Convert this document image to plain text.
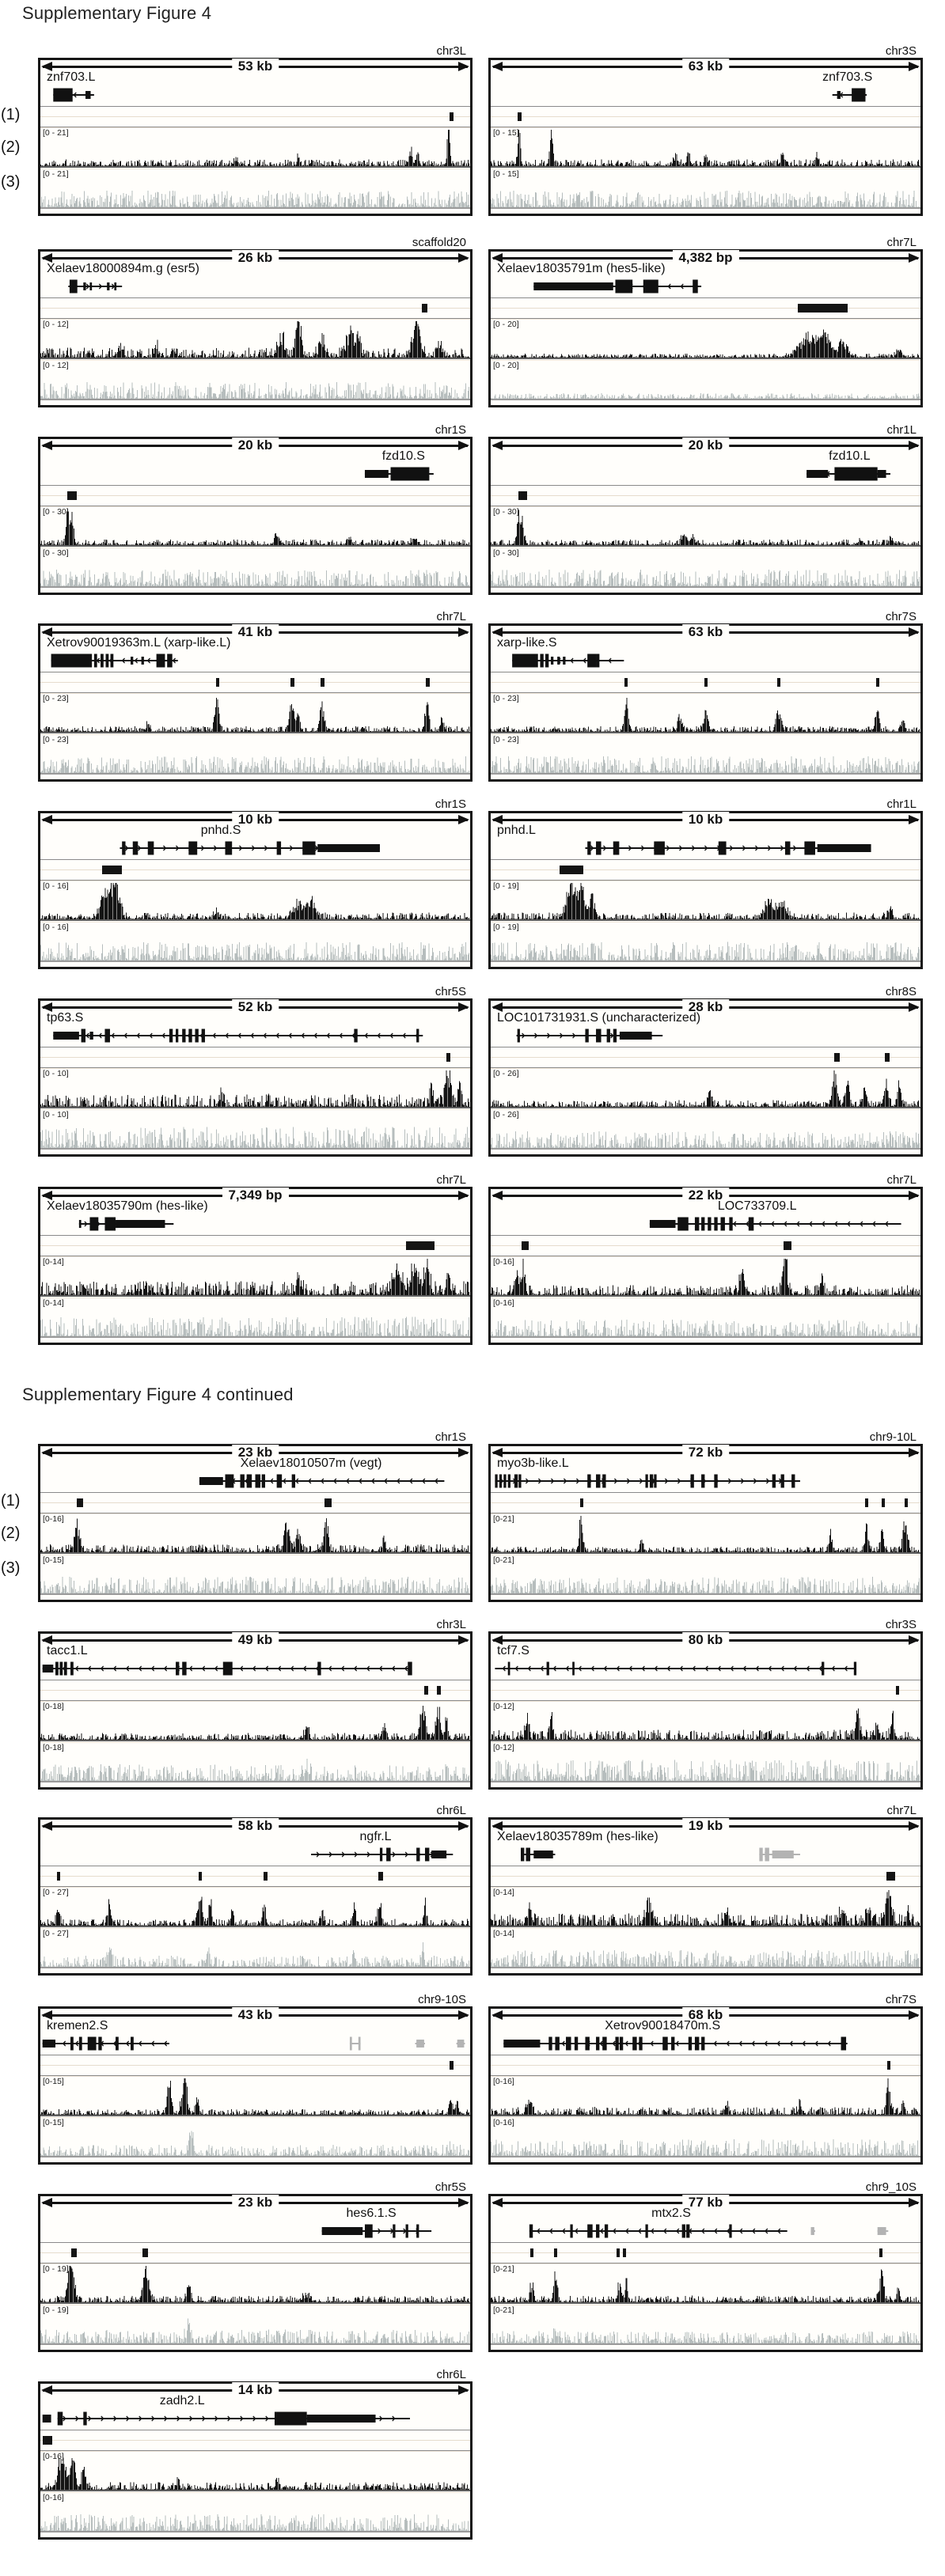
Supplementary Figure 4
Supplementary Figure 4 continued
(1)
(2)
(3)
(1)
(2)
(3)
chr3L
53 kb
znf703.L
[0 - 21]
[0 - 21]
chr3S
63 kb
znf703.S
[0 - 15]
[0 - 15]
scaffold20
26 kb
Xelaev18000894m.g (esr5)
[0 - 12]
[0 - 12]
chr7L
4,382 bp
Xelaev18035791m (hes5-like)
[0 - 20]
[0 - 20]
chr1S
20 kb
fzd10.S
[0 - 30]
[0 - 30]
chr1L
20 kb
fzd10.L
[0 - 30]
[0 - 30]
chr7L
41 kb
Xetrov90019363m.L (xarp-like.L)
[0 - 23]
[0 - 23]
chr7S
63 kb
xarp-like.S
[0 - 23]
[0 - 23]
chr1S
10 kb
pnhd.S
[0 - 16]
[0 - 16]
chr1L
10 kb
pnhd.L
[0 - 19]
[0 - 19]
chr5S
52 kb
tp63.S
[0 - 10]
[0 - 10]
chr8S
28 kb
LOC101731931.S (uncharacterized)
[0 - 26]
[0 - 26]
chr7L
7,349 bp
Xelaev18035790m (hes-like)
[0-14]
[0-14]
chr7L
22 kb
LOC733709.L
[0-16]
[0-16]
chr1S
23 kb
Xelaev18010507m (vegt)
[0-16]
[0-15]
chr9-10L
72 kb
myo3b-like.L
[0-21]
[0-21]
chr3L
49 kb
tacc1.L
[0-18]
[0-18]
chr3S
80 kb
tcf7.S
[0-12]
[0-12]
chr6L
58 kb
ngfr.L
[0 - 27]
[0 - 27]
chr7L
19 kb
Xelaev18035789m (hes-like)
[0-14]
[0-14]
chr9-10S
43 kb
kremen2.S
[0-15]
[0-15]
chr7S
68 kb
Xetrov90018470m.S
[0-16]
[0-16]
chr5S
23 kb
hes6.1.S
[0 - 19]
[0 - 19]
chr9_10S
77 kb
mtx2.S
[0-21]
[0-21]
chr6L
14 kb
zadh2.L
[0-16]
[0-16]
